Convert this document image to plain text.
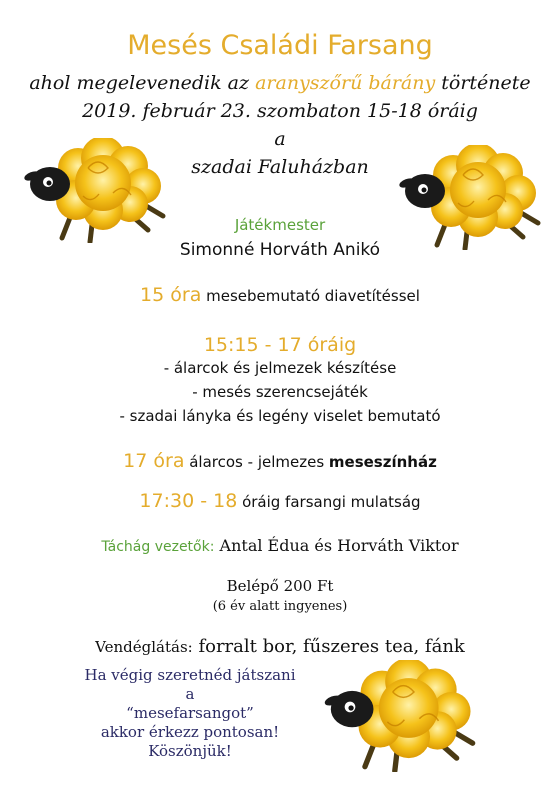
Mesés Családi Farsang
ahol megelevenedik az aranyszőrű bárány története
2019. február 23. szombaton 15-18 óráig
a
szadai Faluházban
Játékmester
Simonné Horváth Anikó
15 óra mesebemutató diavetítéssel
15:15 - 17 óráig
- álarcok és jelmezek készítése
- mesés szerencsejáték
- szadai lányka és legény viselet bemutató
17 óra álarcos - jelmezes meseszínház
17:30 - 18 óráig farsangi mulatság
Táchág vezetők: Antal Édua és Horváth Viktor
Belépő 200 Ft
(6 év alatt ingyenes)
Vendéglátás: forralt bor, fűszeres tea, fánk
Ha végig szeretnéd játszani
a
“mesefarsangot”
akkor érkezz pontosan!
Köszönjük!
